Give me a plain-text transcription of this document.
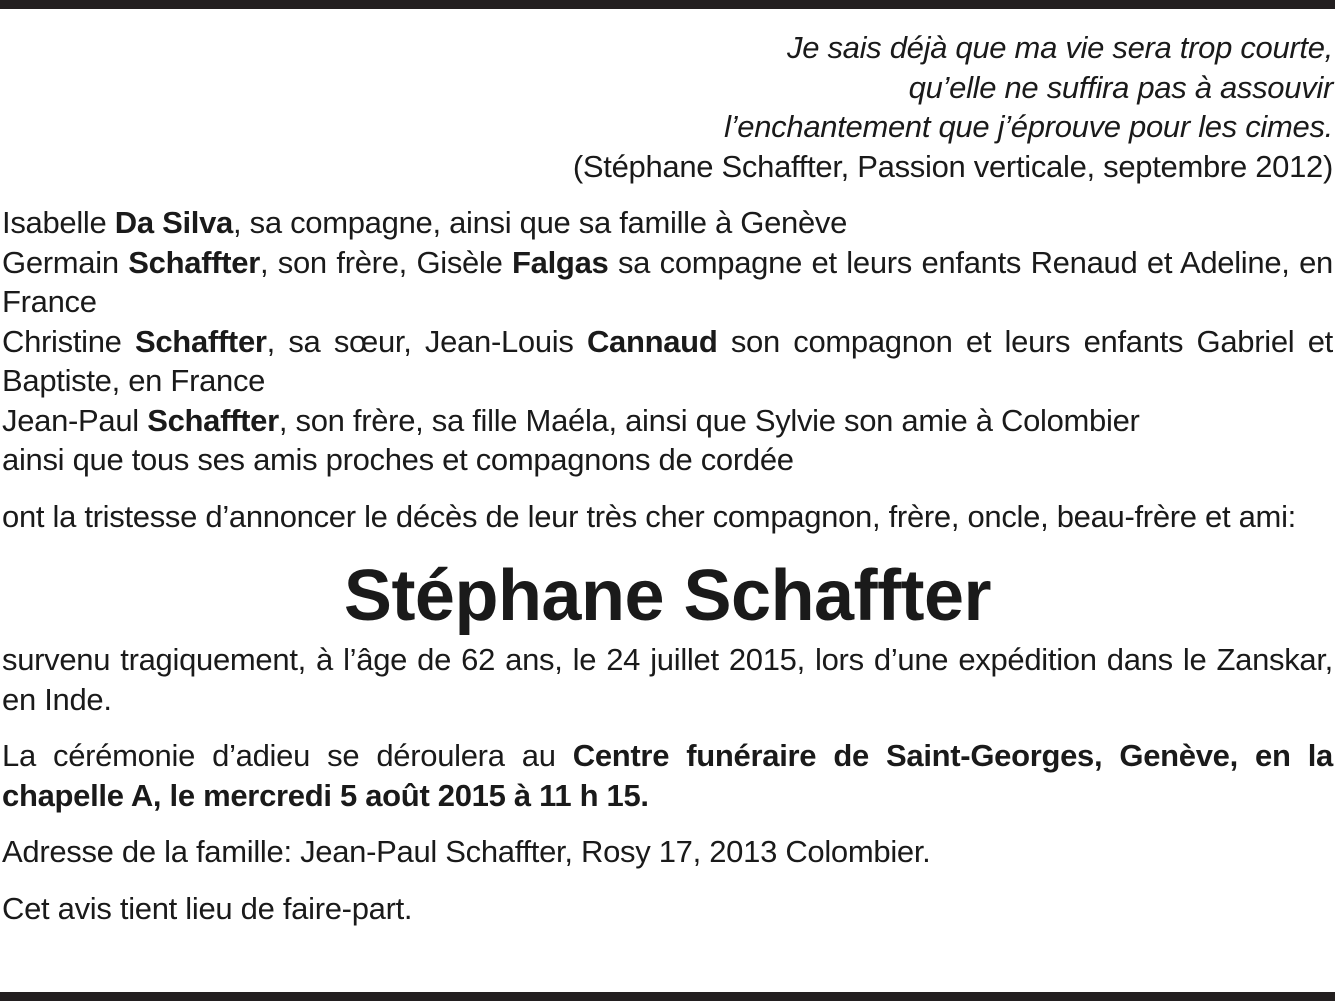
Je sais déjà que ma vie sera trop courte,
qu’elle ne suffira pas à assouvir
l’enchantement que j’éprouve pour les cimes.
(Stéphane Schaffter, Passion verticale, septembre 2012)
Isabelle Da Silva, sa compagne, ainsi que sa famille à Genève
Germain Schaffter, son frère, Gisèle Falgas sa compagne et leurs enfants Renaud et Adeline, en France
Christine Schaffter, sa sœur, Jean-Louis Cannaud son compagnon et leurs enfants Gabriel et Baptiste, en France
Jean-Paul Schaffter, son frère, sa fille Maéla, ainsi que Sylvie son amie à Colombier
ainsi que tous ses amis proches et compagnons de cordée
ont la tristesse d’annoncer le décès de leur très cher compagnon, frère, oncle, beau-frère et ami:
Stéphane Schaffter
survenu tragiquement, à l’âge de 62 ans, le 24 juillet 2015, lors d’une expédition dans le Zanskar, en Inde.
La cérémonie d’adieu se déroulera au Centre funéraire de Saint-Georges, Genève, en la chapelle A, le mercredi 5 août 2015 à 11 h 15.
Adresse de la famille: Jean-Paul Schaffter, Rosy 17, 2013 Colombier.
Cet avis tient lieu de faire-part.
